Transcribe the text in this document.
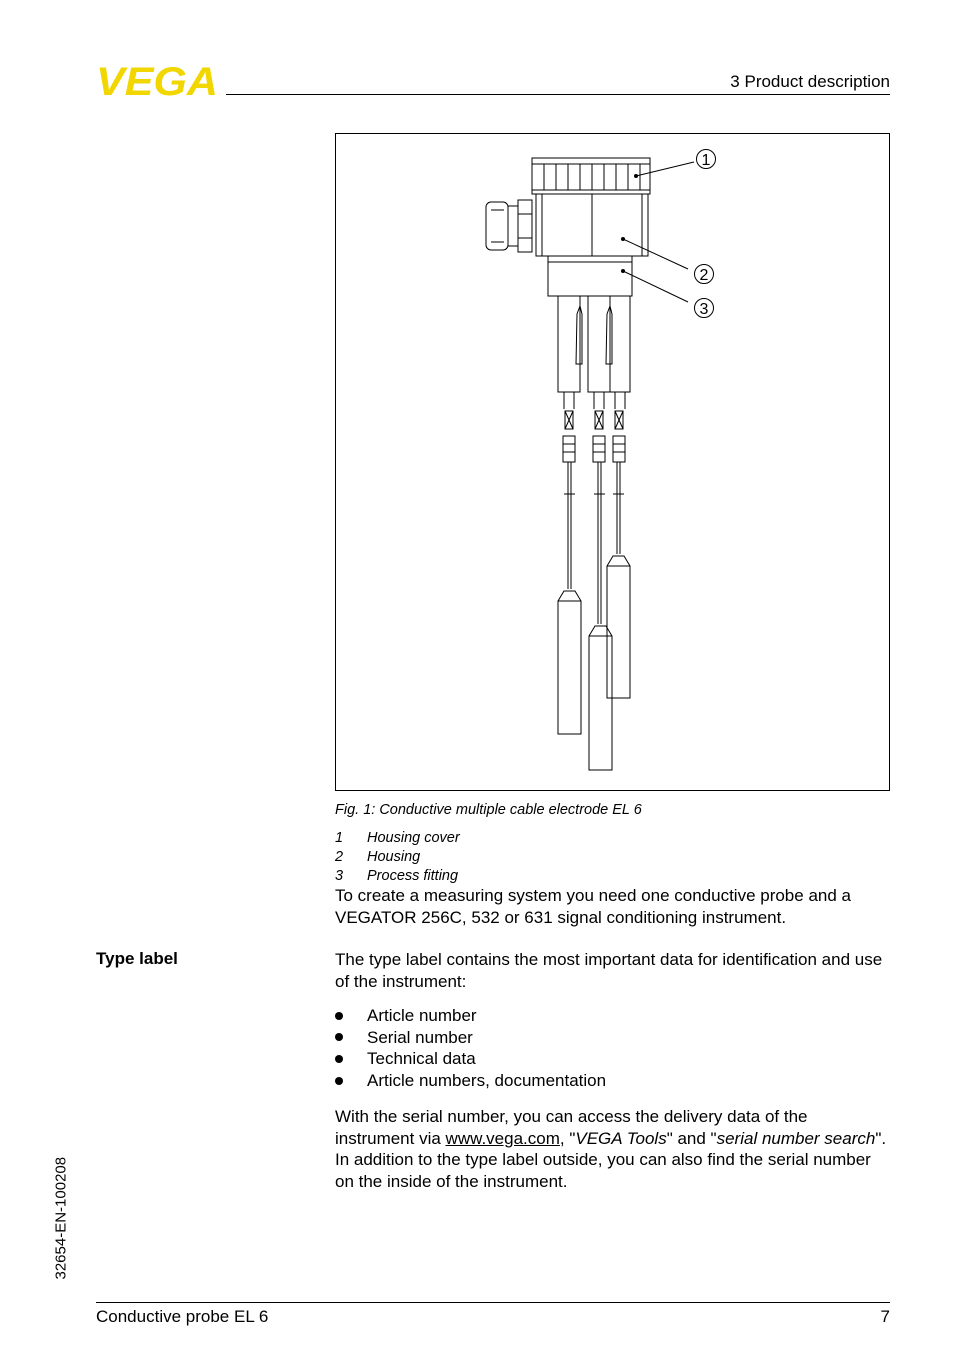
VEGA	3 Product description
1
2
3
Fig. 1: Conductive multiple cable electrode EL 6
1 Housing cover
2 Housing
3 Process fitting
To create a measuring system you need one conductive probe and a VEGATOR 256C, 532 or 631 signal conditioning instrument.
Type label	The type label contains the most important data for identification and use of the instrument:
Article number
Serial number
Technical data
Article numbers, documentation
With the serial number, you can access the delivery data of the instrument via www.vega.com, "VEGA Tools" and "serial number search". In addition to the type label outside, you can also find the serial number on the inside of the instrument.
32654-EN-100208
Conductive probe EL 6	7
